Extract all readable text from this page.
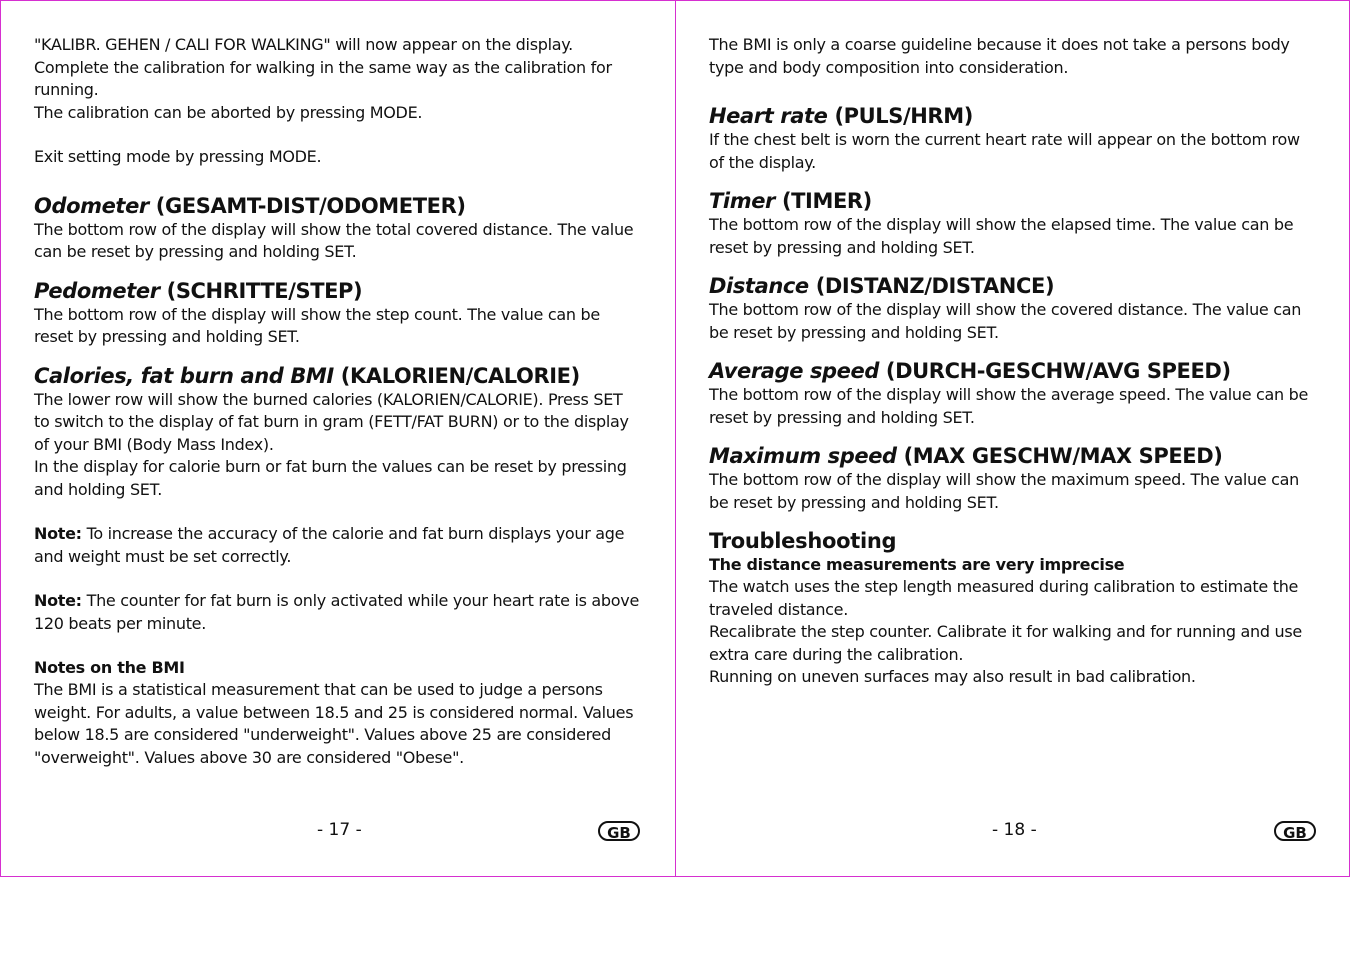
"KALIBR. GEHEN / CALI FOR WALKING" will now appear on the display.

Complete the calibration for walking in the same way as the calibration for

running.

The calibration can be aborted by pressing MODE.

Exit setting mode by pressing MODE.

Odometer (GESAMT-DIST/ODOMETER)

The bottom row of the display will show the total covered distance. The value can be reset by pressing and holding SET.

Pedometer (SCHRITTE/STEP)

The bottom row of the display will show the step count. The value can be reset by pressing and holding SET.

Calories, fat burn and BMI (KALORIEN/CALORIE)

The lower row will show the burned calories (KALORIEN/CALORIE). Press SET to switch to the display of fat burn in gram (FETT/FAT BURN) or to the display of your BMI (Body Mass Index).

In the display for calorie burn or fat burn the values can be reset by pressing and holding SET.

Note: To increase the accuracy of the calorie and fat burn displays your age and weight must be set correctly.

Note: The counter for fat burn is only activated while your heart rate is above 120 beats per minute.

Notes on the BMI

The BMI is a statistical measurement that can be used to judge a persons weight. For adults, a value between 18.5 and 25 is considered normal. Values below 18.5 are considered "underweight". Values above 25 are considered "overweight". Values above 30 are considered "Obese".

- 17 -	GB

The BMI is only a coarse guideline because it does not take a persons body type and body composition into consideration.

Heart rate (PULS/HRM)

If the chest belt is worn the current heart rate will appear on the bottom row of the display.

Timer (TIMER)

The bottom row of the display will show the elapsed time. The value can be reset by pressing and holding SET.

Distance (DISTANZ/DISTANCE)

The bottom row of the display will show the covered distance. The value can be reset by pressing and holding SET.

Average speed (DURCH-GESCHW/AVG SPEED)

The bottom row of the display will show the average speed. The value can be reset by pressing and holding SET.

Maximum speed (MAX GESCHW/MAX SPEED)

The bottom row of the display will show the maximum speed. The value can be reset by pressing and holding SET.

Troubleshooting

The distance measurements are very imprecise

The watch uses the step length measured during calibration to estimate the traveled distance.

Recalibrate the step counter. Calibrate it for walking and for running and use extra care during the calibration.

Running on uneven surfaces may also result in bad calibration.

- 18 -	GB
